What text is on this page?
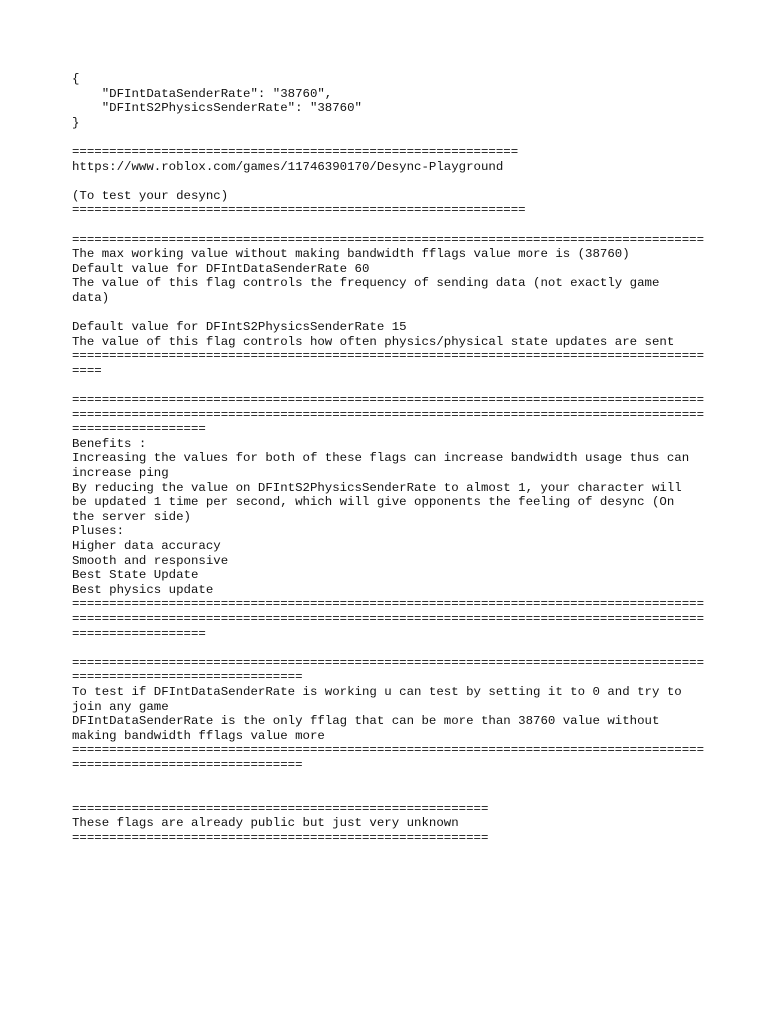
{
"DFIntDataSenderRate": "38760",
"DFIntS2PhysicsSenderRate": "38760"
}
============================================================
https://www.roblox.com/games/11746390170/Desync-Playground
(To test your desync)
=============================================================
=====================================================================================
The max working value without making bandwidth fflags value more is (38760)
Default value for DFIntDataSenderRate 60
The value of this flag controls the frequency of sending data (not exactly game
data)
Default value for DFIntS2PhysicsSenderRate 15
The value of this flag controls how often physics/physical state updates are sent
=====================================================================================
====
=====================================================================================
=====================================================================================
==================
Benefits :
Increasing the values for both of these flags can increase bandwidth usage thus can
increase ping
By reducing the value on DFIntS2PhysicsSenderRate to almost 1, your character will
be updated 1 time per second, which will give opponents the feeling of desync (On
the server side)
Pluses:
Higher data accuracy
Smooth and responsive
Best State Update
Best physics update
=====================================================================================
=====================================================================================
==================
=====================================================================================
===============================
To test if DFIntDataSenderRate is working u can test by setting it to 0 and try to
join any game
DFIntDataSenderRate is the only fflag that can be more than 38760 value without
making bandwidth fflags value more
=====================================================================================
===============================
========================================================
These flags are already public but just very unknown
========================================================
